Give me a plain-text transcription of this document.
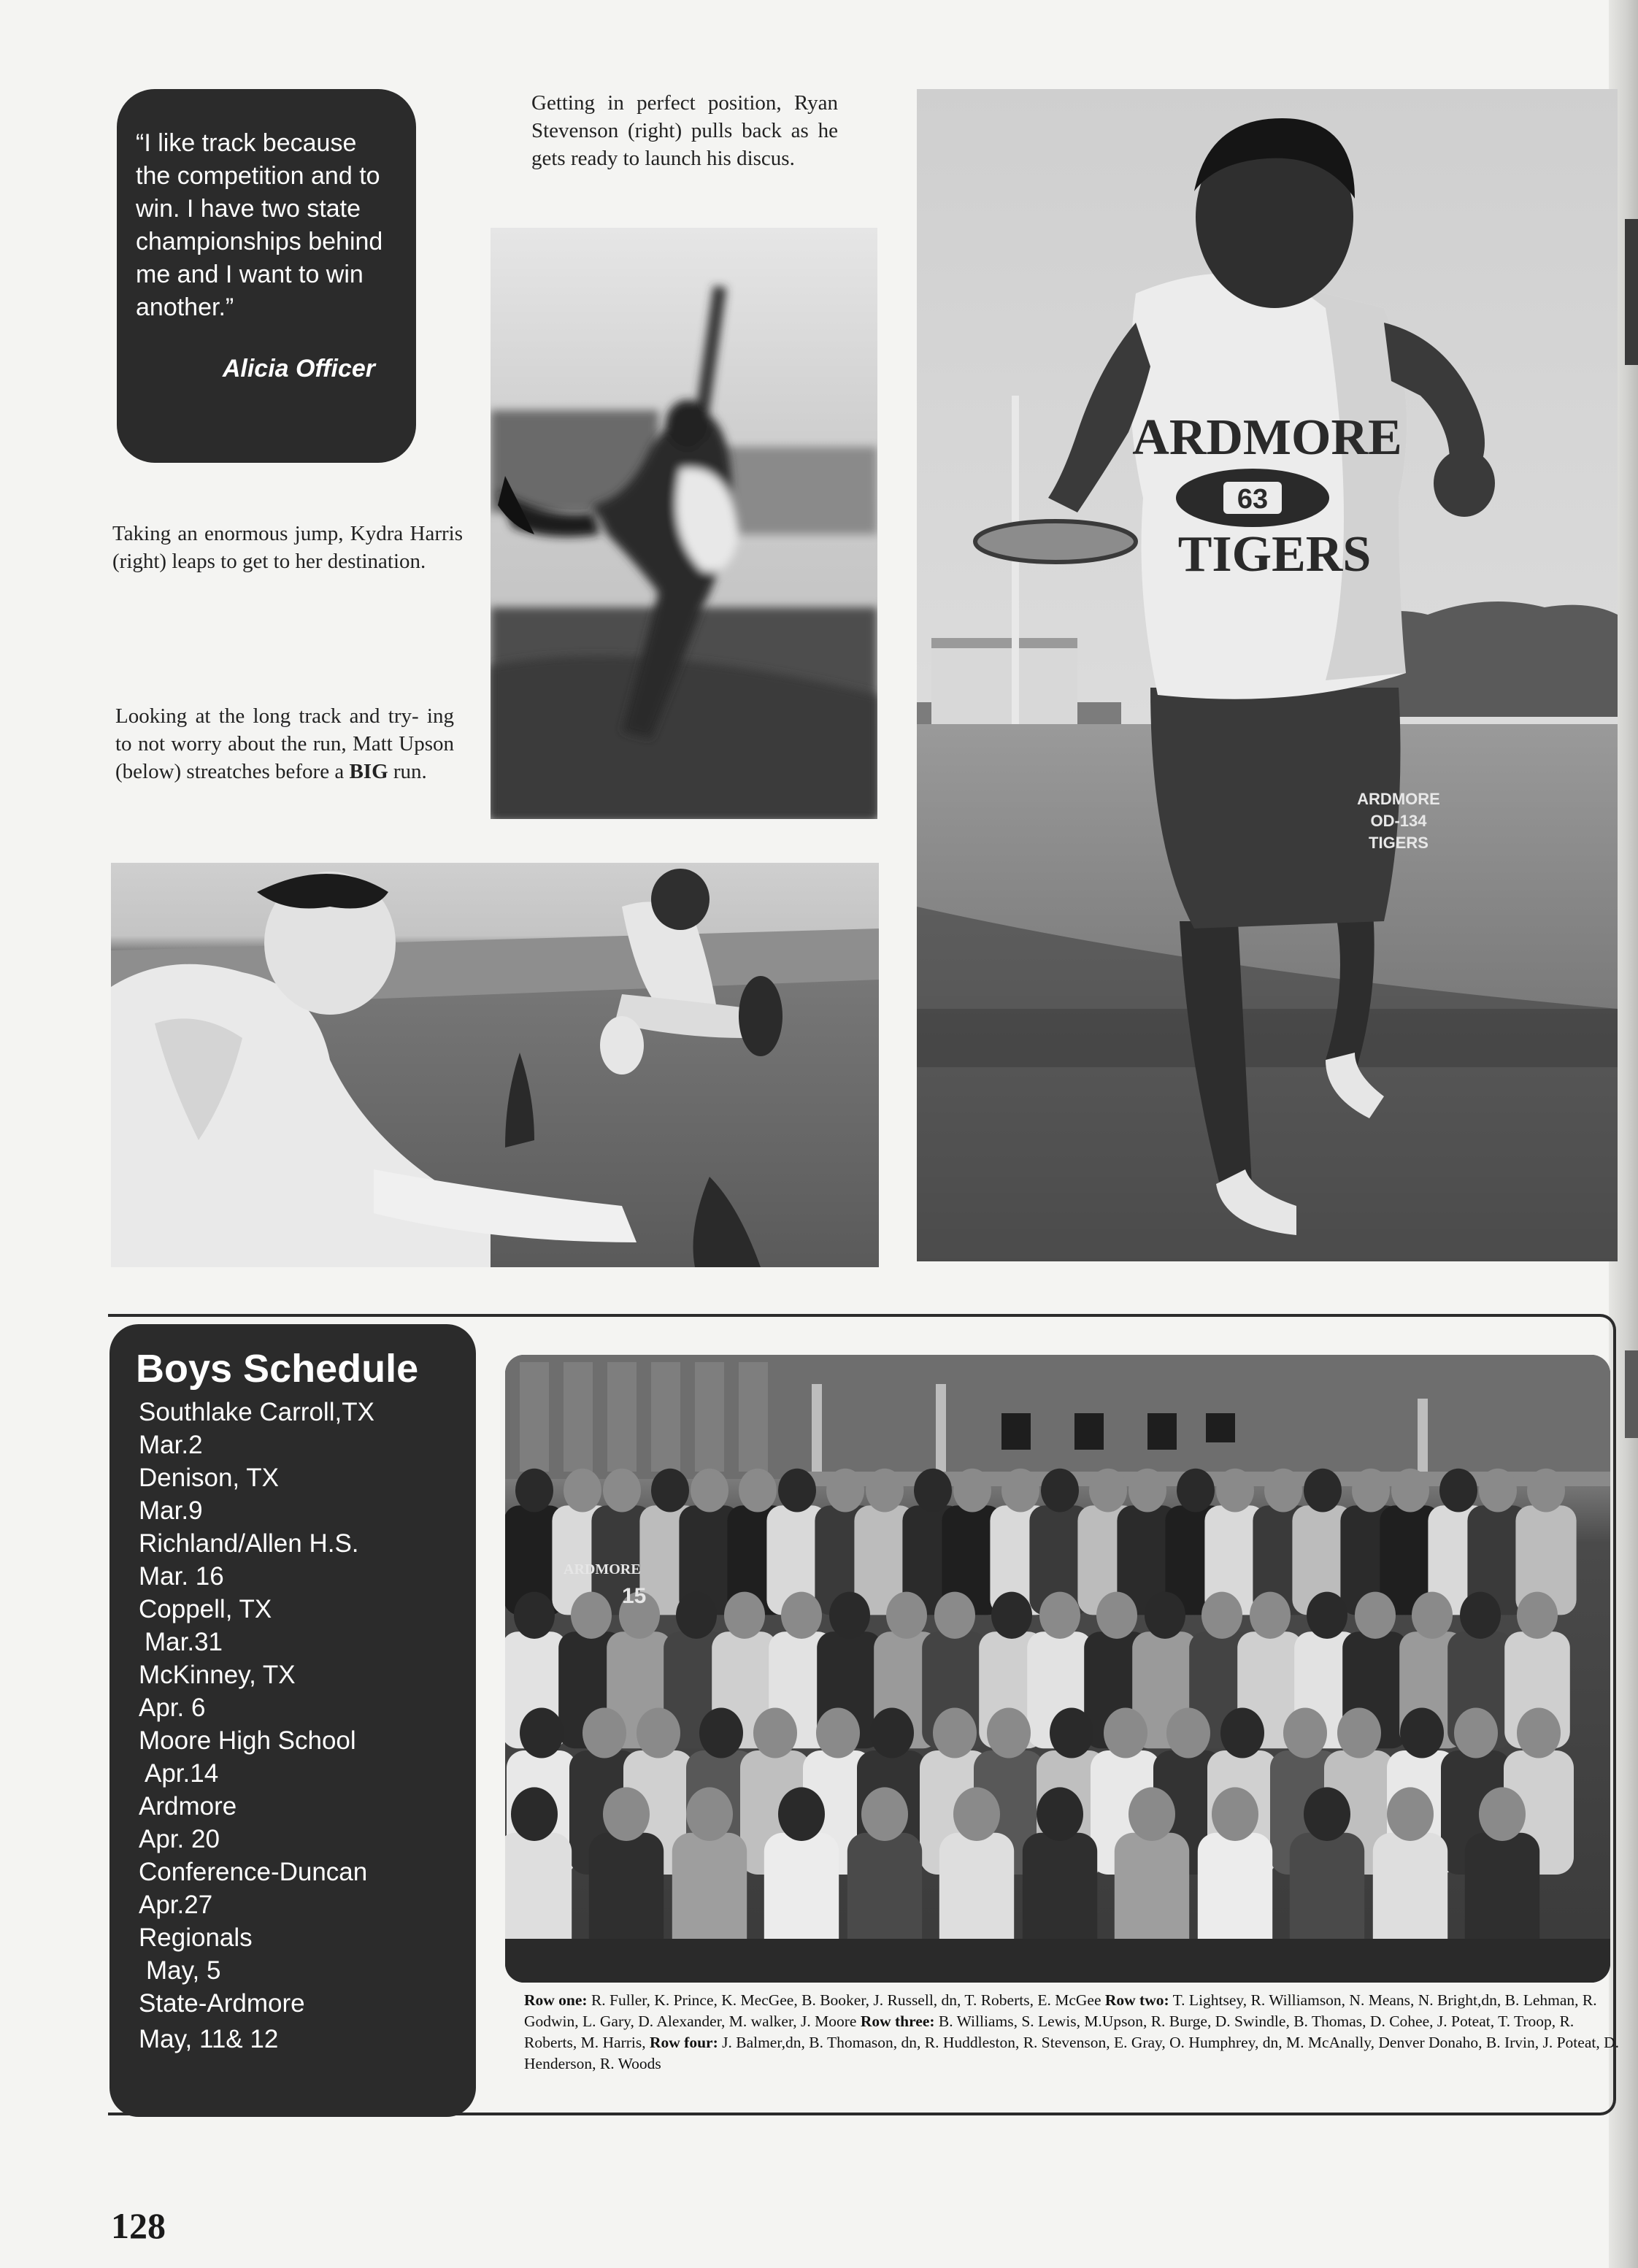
“I like track because the competition and to win. I have two state championships behind me and I want to win another.”

Alicia Officer

Getting in perfect position, Ryan Stevenson (right) pulls back as he gets ready to launch his discus.

Taking an enormous jump, Kydra Harris (right) leaps to get to her destination.

Looking at the long track and try- ing to not worry about the run, Matt Upson (below) streatches before a BIG run.

ARDMORE
63
TIGERS
ARDMORE
OD-134
TIGERS
Boys Schedule

Southlake Carroll,TX

Mar.2

Denison, TX

Mar.9

Richland/Allen H.S.

Mar. 16

Coppell, TX

Mar.31

McKinney, TX

Apr. 6

Moore High School

Apr.14

Ardmore

Apr. 20

Conference-Duncan

Apr.27

Regionals

May, 5

State-Ardmore

May, 11& 12

ARDMORE
15

Row one: R. Fuller, K. Prince, K. MecGee, B. Booker, J. Russell, dn, T. Roberts, E. McGee Row two: T. Lightsey, R. Williamson, N. Means, N. Bright,dn, B. Lehman, R. Godwin, L. Gary, D. Alexander, M. walker, J. Moore Row three: B. Williams, S. Lewis, M.Upson, R. Burge, D. Swindle, B. Thomas, D. Cohee, J. Poteat, T. Troop, R. Roberts, M. Harris, Row four: J. Balmer,dn, B. Thomason, dn, R. Huddleston, R. Stevenson, E. Gray, O. Humphrey, dn, M. McAnally, Denver Donaho, B. Irvin, J. Poteat, D. Henderson, R. Woods

128
